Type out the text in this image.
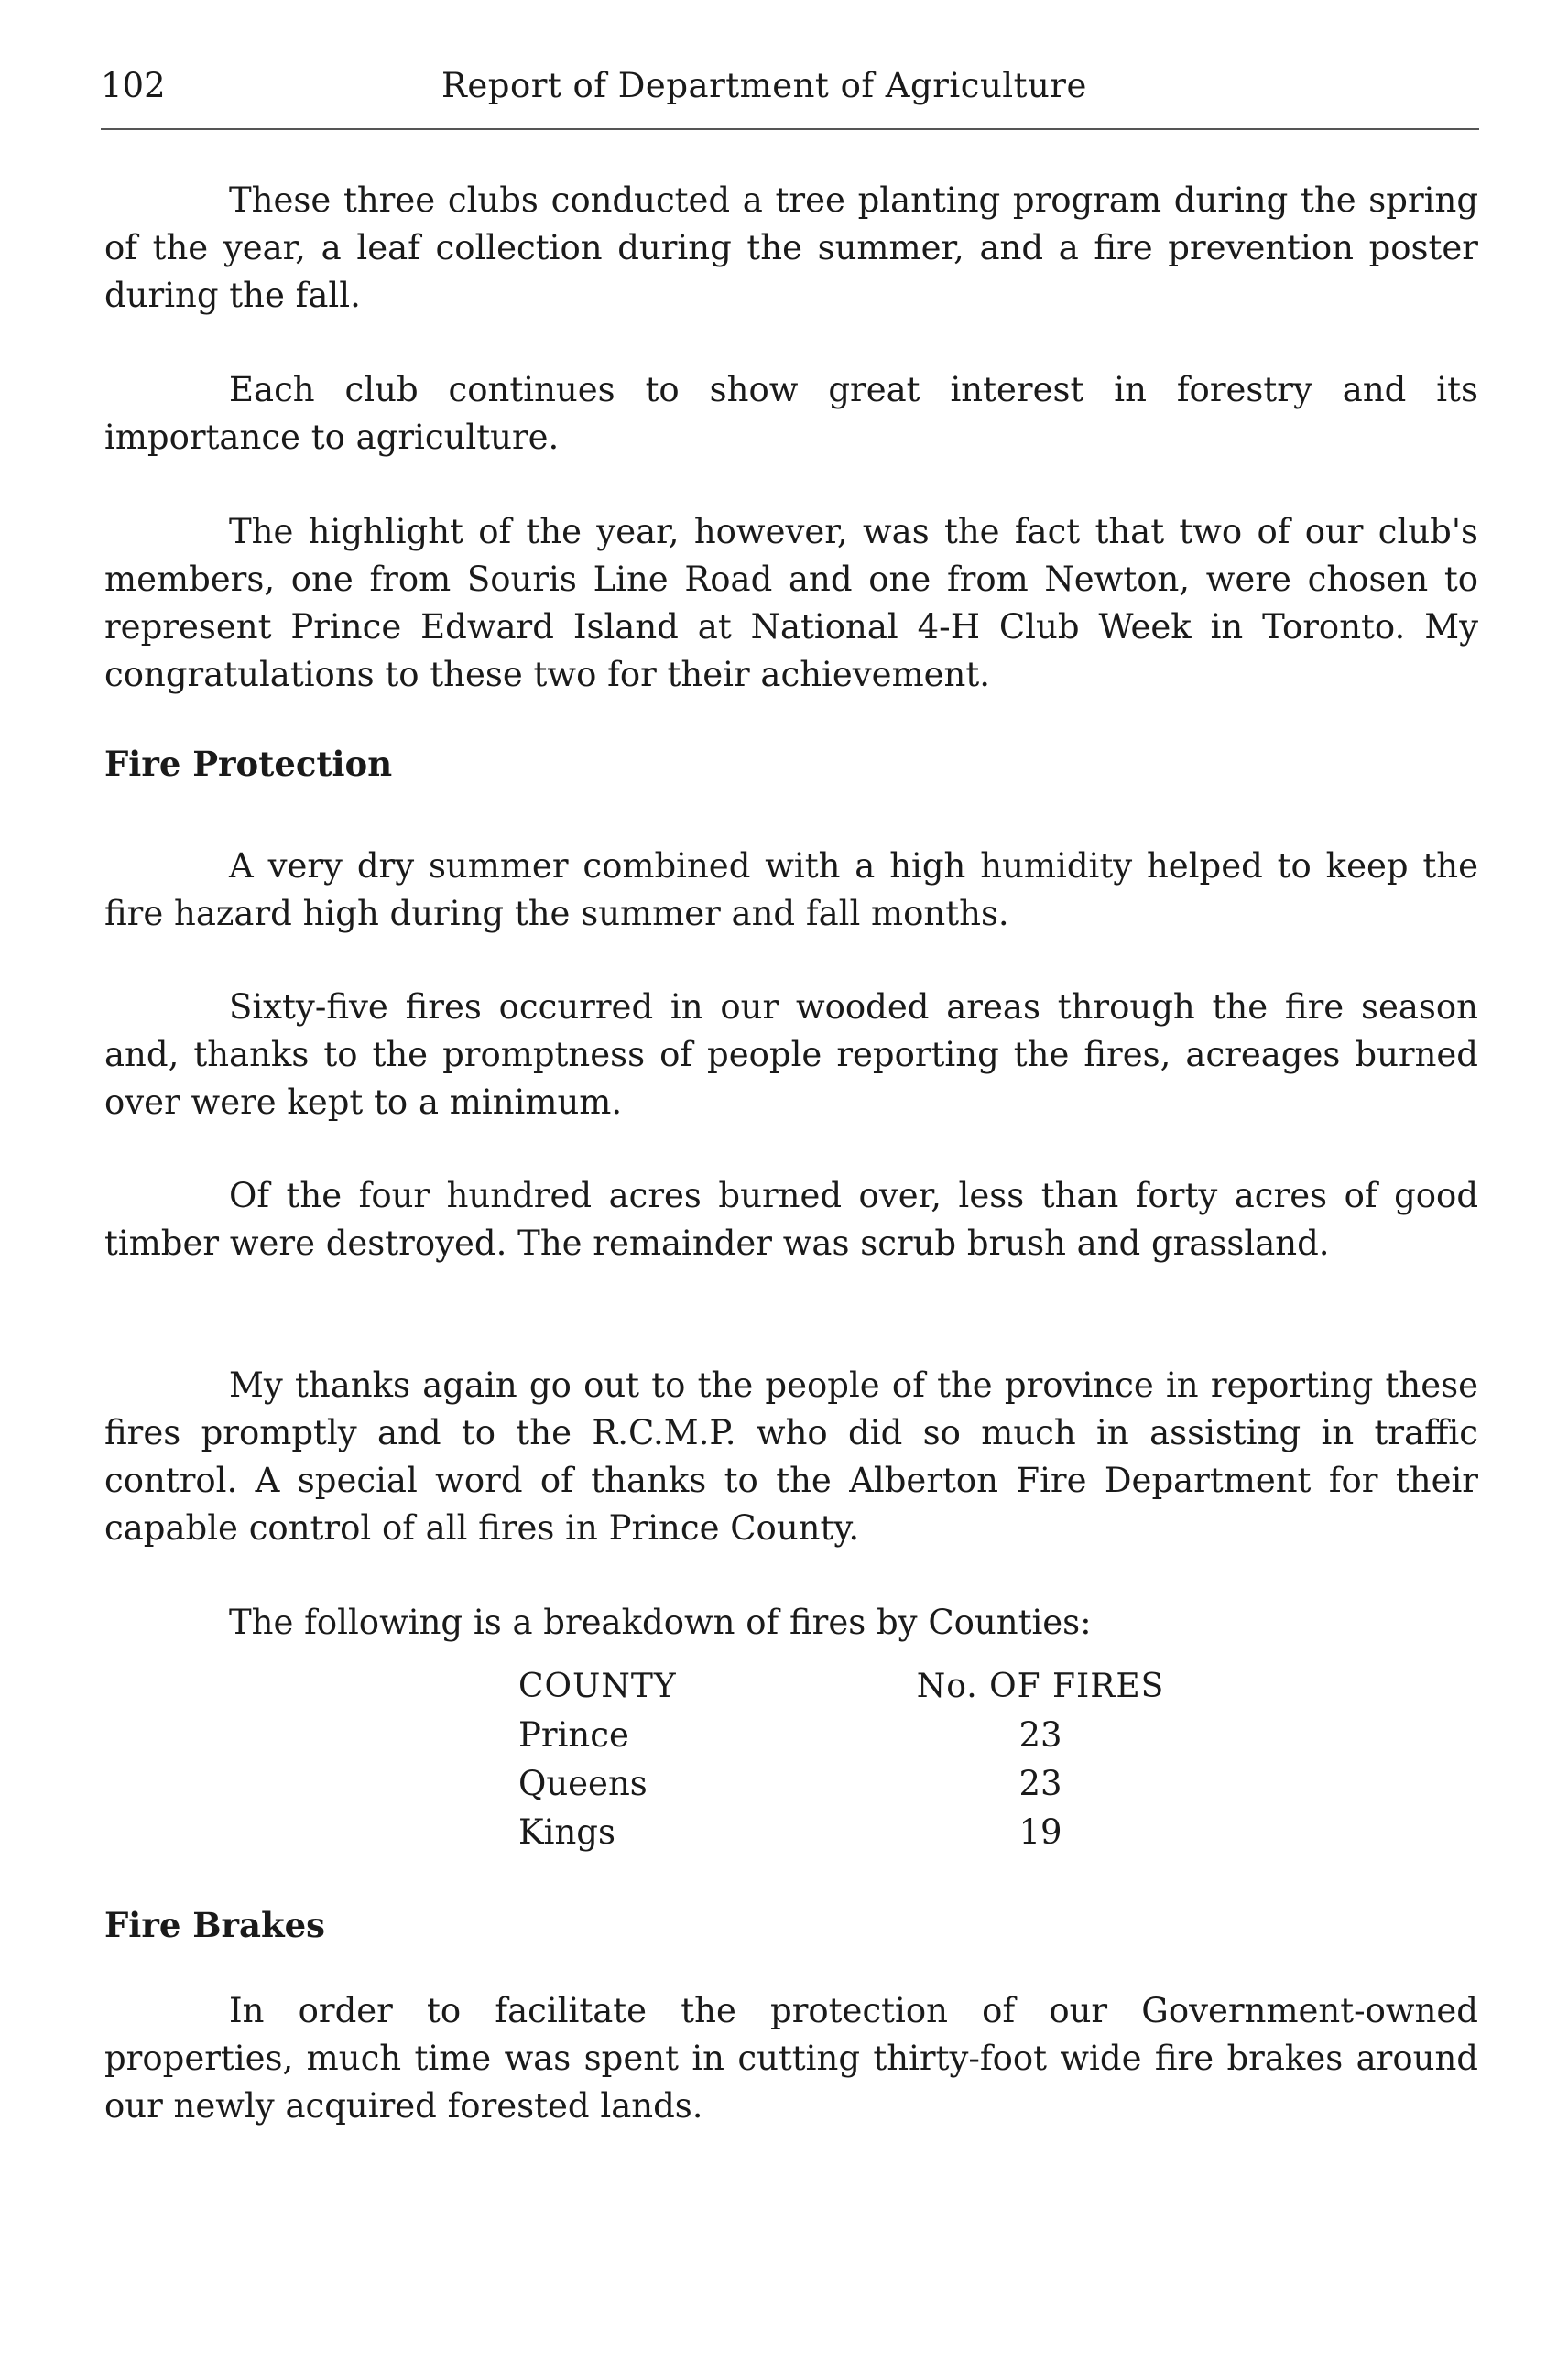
102	Report of Department of Agriculture

These three clubs conducted a tree planting program during the spring of the year, a leaf collection during the summer, and a fire prevention poster during the fall.

Each club continues to show great interest in forestry and its importance to agriculture.

The highlight of the year, however, was the fact that two of our club's members, one from Souris Line Road and one from Newton, were chosen to represent Prince Edward Island at National 4-H Club Week in Toronto. My congratulations to these two for their achievement.

Fire Protection

A very dry summer combined with a high humidity helped to keep the fire hazard high during the summer and fall months.

Sixty-five fires occurred in our wooded areas through the fire season and, thanks to the promptness of people reporting the fires, acreages burned over were kept to a minimum.

Of the four hundred acres burned over, less than forty acres of good timber were destroyed. The remainder was scrub brush and grassland.

My thanks again go out to the people of the province in reporting these fires promptly and to the R.C.M.P. who did so much in assisting in traffic control. A special word of thanks to the Alberton Fire Department for their capable control of all fires in Prince County.

The following is a breakdown of fires by Counties:

COUNTY	No. OF FIRES
Prince	23
Queens	23
Kings	19
Fire Brakes

In order to facilitate the protection of our Government-owned properties, much time was spent in cutting thirty-foot wide fire brakes around our newly acquired forested lands.
